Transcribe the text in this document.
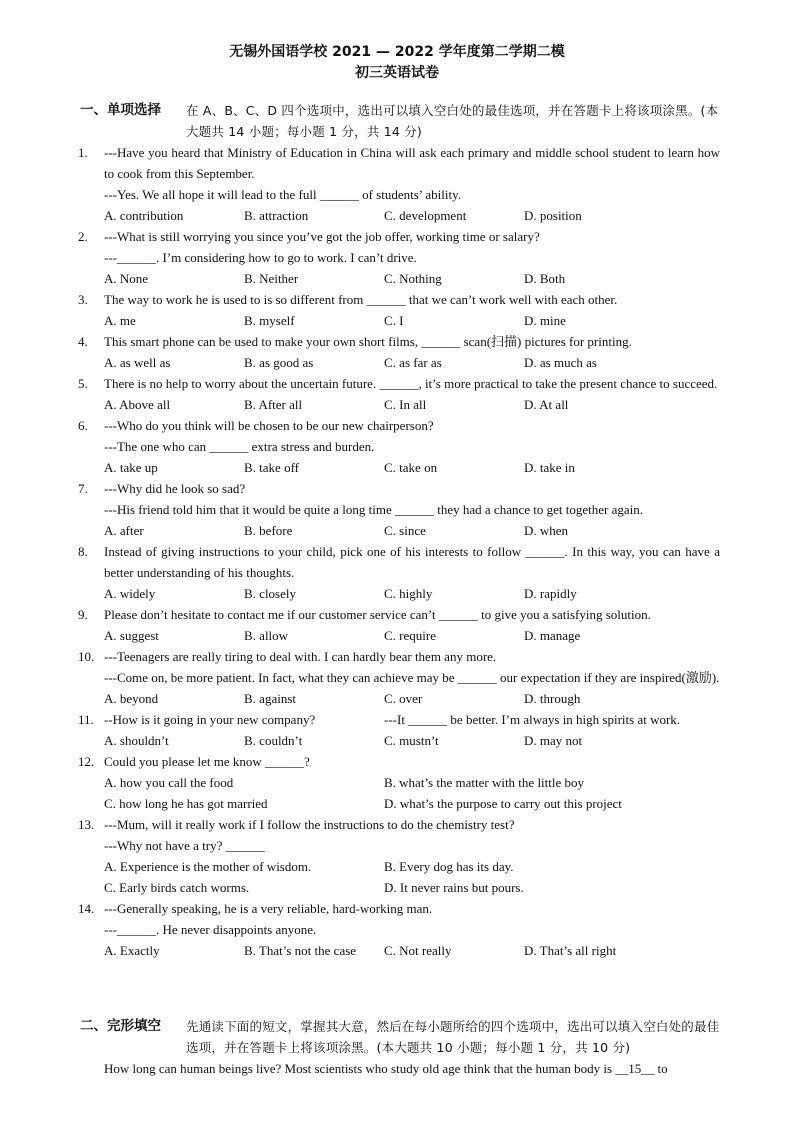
无锡外国语学校 2021 — 2022 学年度第二学期二模
初三英语试卷
一、单项选择 在 A、B、C、D 四个选项中，选出可以填入空白处的最佳选项，并在答题卡上将该项涂黑。(本大题共 14 小题；每小题 1 分，共 14 分)
1. ---Have you heard that Ministry of Education in China will ask each primary and middle school student to learn how to cook from this September.
---Yes. We all hope it will lead to the full ______ of students’ ability.
A. contribution	B. attraction	C. development	D. position
2. ---What is still worrying you since you’ve got the job offer, working time or salary?
---______. I’m considering how to go to work. I can’t drive.
A. None	B. Neither	C. Nothing	D. Both
3. The way to work he is used to is so different from ______ that we can’t work well with each other.
A. me	B. myself	C. I	D. mine
4. This smart phone can be used to make your own short films, ______ scan(扫描) pictures for printing.
A. as well as	B. as good as	C. as far as	D. as much as
5. There is no help to worry about the uncertain future. ______, it’s more practical to take the present chance to succeed.
A. Above all	B. After all	C. In all	D. At all
6. ---Who do you think will be chosen to be our new chairperson?
---The one who can ______ extra stress and burden.
A. take up	B. take off	C. take on	D. take in
7. ---Why did he look so sad?
---His friend told him that it would be quite a long time ______ they had a chance to get together again.
A. after	B. before	C. since	D. when
8. Instead of giving instructions to your child, pick one of his interests to follow ______. In this way, you can have a better understanding of his thoughts.
A. widely	B. closely	C. highly	D. rapidly
9. Please don’t hesitate to contact me if our customer service can’t ______ to give you a satisfying solution.
A. suggest	B. allow	C. require	D. manage
10. ---Teenagers are really tiring to deal with. I can hardly bear them any more.
---Come on, be more patient. In fact, what they can achieve may be ______ our expectation if they are inspired(激励).
A. beyond	B. against	C. over	D. through
11. --How is it going in your new company?	---It ______ be better. I’m always in high spirits at work.
A. shouldn’t	B. couldn’t	C. mustn’t	D. may not
12. Could you please let me know ______?
A. how you call the food	B. what’s the matter with the little boy
C. how long he has got married	D. what’s the purpose to carry out this project
13. ---Mum, will it really work if I follow the instructions to do the chemistry test?
---Why not have a try? ______
A. Experience is the mother of wisdom.	B. Every dog has its day.
C. Early birds catch worms.	D. It never rains but pours.
14. ---Generally speaking, he is a very reliable, hard-working man.
---______. He never disappoints anyone.
A. Exactly	B. That’s not the case	C. Not really	D. That’s all right
二、完形填空 先通读下面的短文，掌握其大意，然后在每小题所给的四个选项中，选出可以填入空白处的最佳选项，并在答题卡上将该项涂黑。(本大题共 10 小题；每小题 1 分，共 10 分)
How long can human beings live? Most scientists who study old age think that the human body is __15__ to
